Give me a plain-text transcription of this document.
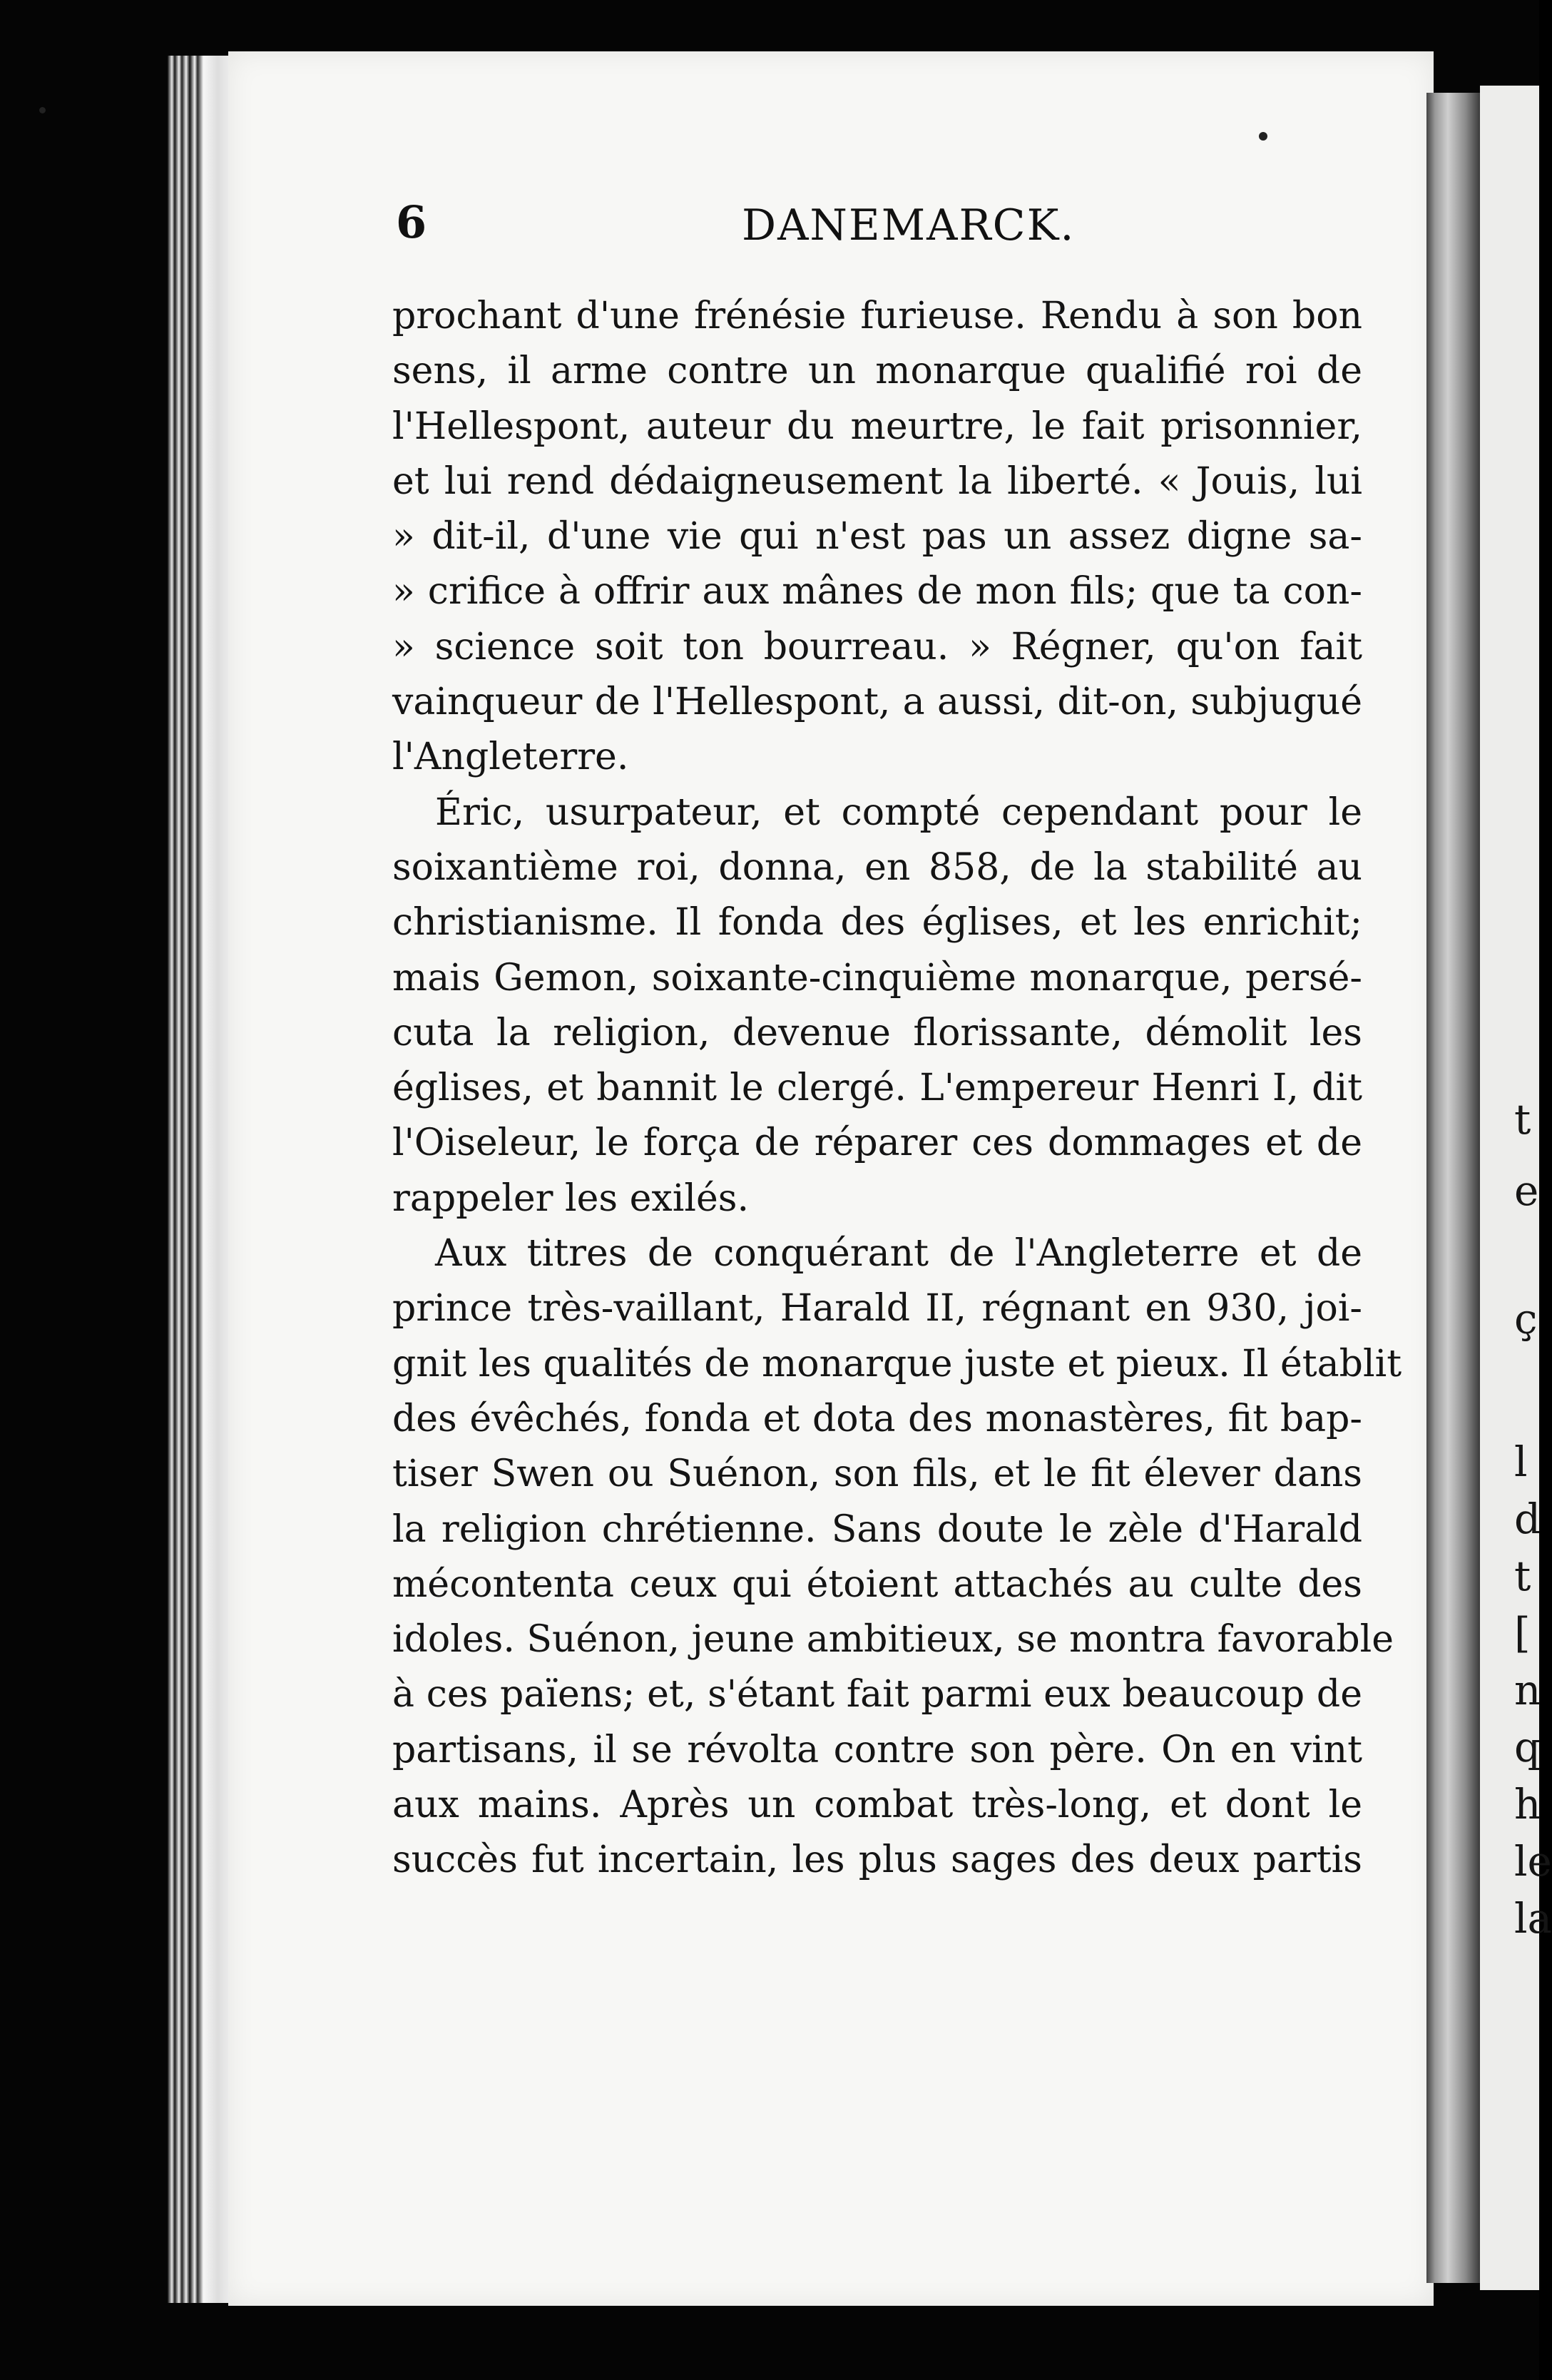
t
e
ç
l
d
t
[
n
q
h
le
la
6	DANEMARCK.
prochant d'une frénésie furieuse. Rendu à son bon
sens, il arme contre un monarque qualifié roi de
l'Hellespont, auteur du meurtre, le fait prisonnier,
et lui rend dédaigneusement la liberté. « Jouis, lui
» dit-il, d'une vie qui n'est pas un assez digne sa-
» crifice à offrir aux mânes de mon fils; que ta con-
» science soit ton bourreau. » Régner, qu'on fait
vainqueur de l'Hellespont, a aussi, dit-on, subjugué
l'Angleterre.
Éric, usurpateur, et compté cependant pour le
soixantième roi, donna, en 858, de la stabilité au
christianisme. Il fonda des églises, et les enrichit;
mais Gemon, soixante-cinquième monarque, persé-
cuta la religion, devenue florissante, démolit les
églises, et bannit le clergé. L'empereur Henri I, dit
l'Oiseleur, le força de réparer ces dommages et de
rappeler les exilés.
Aux titres de conquérant de l'Angleterre et de
prince très-vaillant, Harald II, régnant en 930, joi-
gnit les qualités de monarque juste et pieux. Il établit
des évêchés, fonda et dota des monastères, fit bap-
tiser Swen ou Suénon, son fils, et le fit élever dans
la religion chrétienne. Sans doute le zèle d'Harald
mécontenta ceux qui étoient attachés au culte des
idoles. Suénon, jeune ambitieux, se montra favorable
à ces païens; et, s'étant fait parmi eux beaucoup de
partisans, il se révolta contre son père. On en vint
aux mains. Après un combat très-long, et dont le
succès fut incertain, les plus sages des deux partis
